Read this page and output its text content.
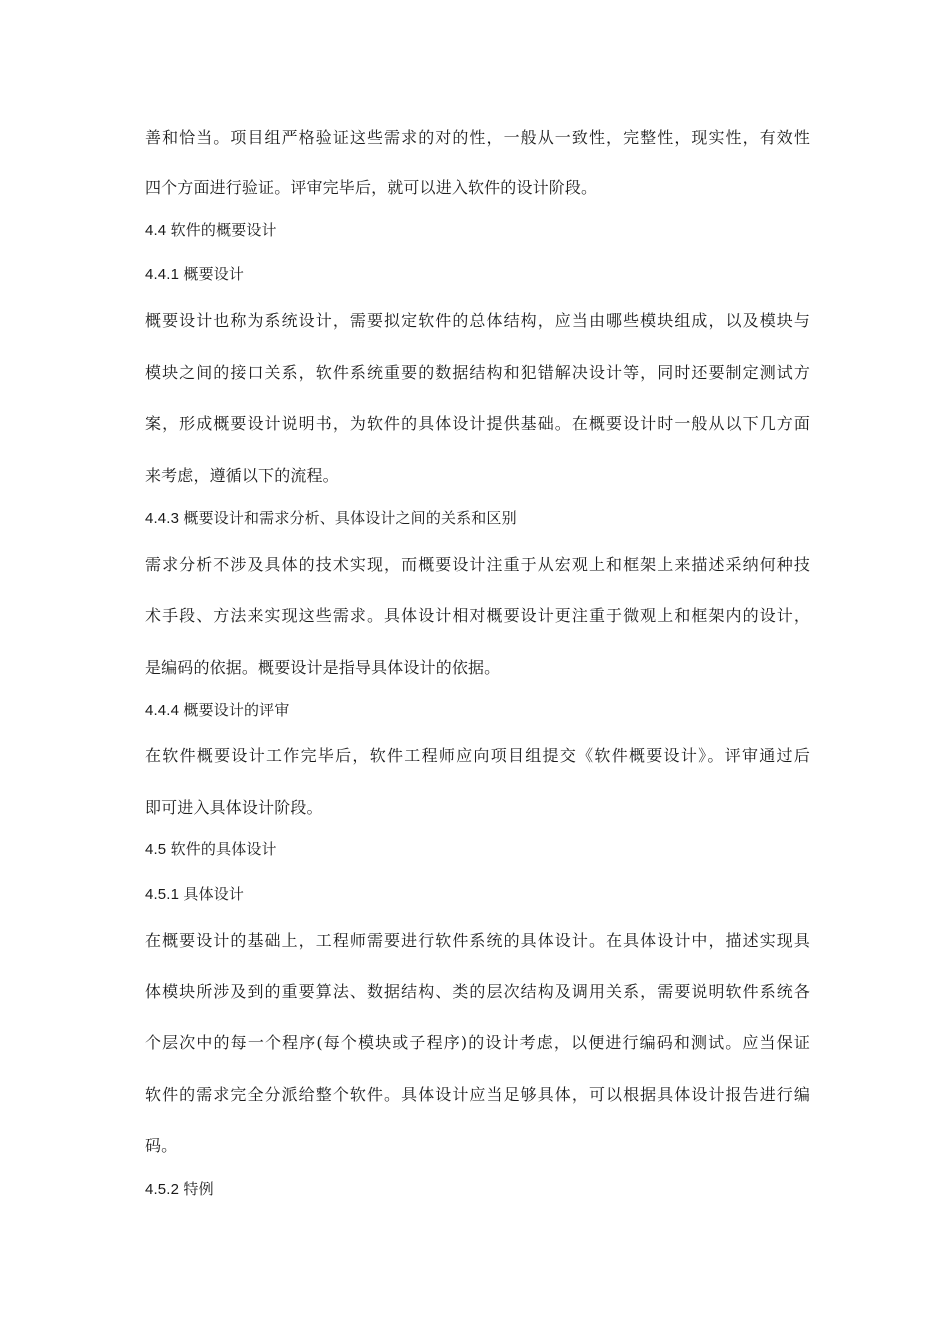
善和恰当。项目组严格验证这些需求的对的性，一般从一致性，完整性，现实性，有效性
四个方面进行验证。评审完毕后，就可以进入软件的设计阶段。
4.4 软件的概要设计
4.4.1 概要设计
概要设计也称为系统设计，需要拟定软件的总体结构，应当由哪些模块组成，以及模块与
模块之间的接口关系，软件系统重要的数据结构和犯错解决设计等，同时还要制定测试方
案，形成概要设计说明书，为软件的具体设计提供基础。在概要设计时一般从以下几方面
来考虑，遵循以下的流程。
4.4.3 概要设计和需求分析、具体设计之间的关系和区别
需求分析不涉及具体的技术实现，而概要设计注重于从宏观上和框架上来描述采纳何种技
术手段、方法来实现这些需求。具体设计相对概要设计更注重于微观上和框架内的设计，
是编码的依据。概要设计是指导具体设计的依据。
4.4.4 概要设计的评审
在软件概要设计工作完毕后，软件工程师应向项目组提交《软件概要设计》。评审通过后
即可进入具体设计阶段。
4.5 软件的具体设计
4.5.1 具体设计
在概要设计的基础上，工程师需要进行软件系统的具体设计。在具体设计中，描述实现具
体模块所涉及到的重要算法、数据结构、类的层次结构及调用关系，需要说明软件系统各
个层次中的每一个程序(每个模块或子程序)的设计考虑，以便进行编码和测试。应当保证
软件的需求完全分派给整个软件。具体设计应当足够具体，可以根据具体设计报告进行编
码。
4.5.2 特例
